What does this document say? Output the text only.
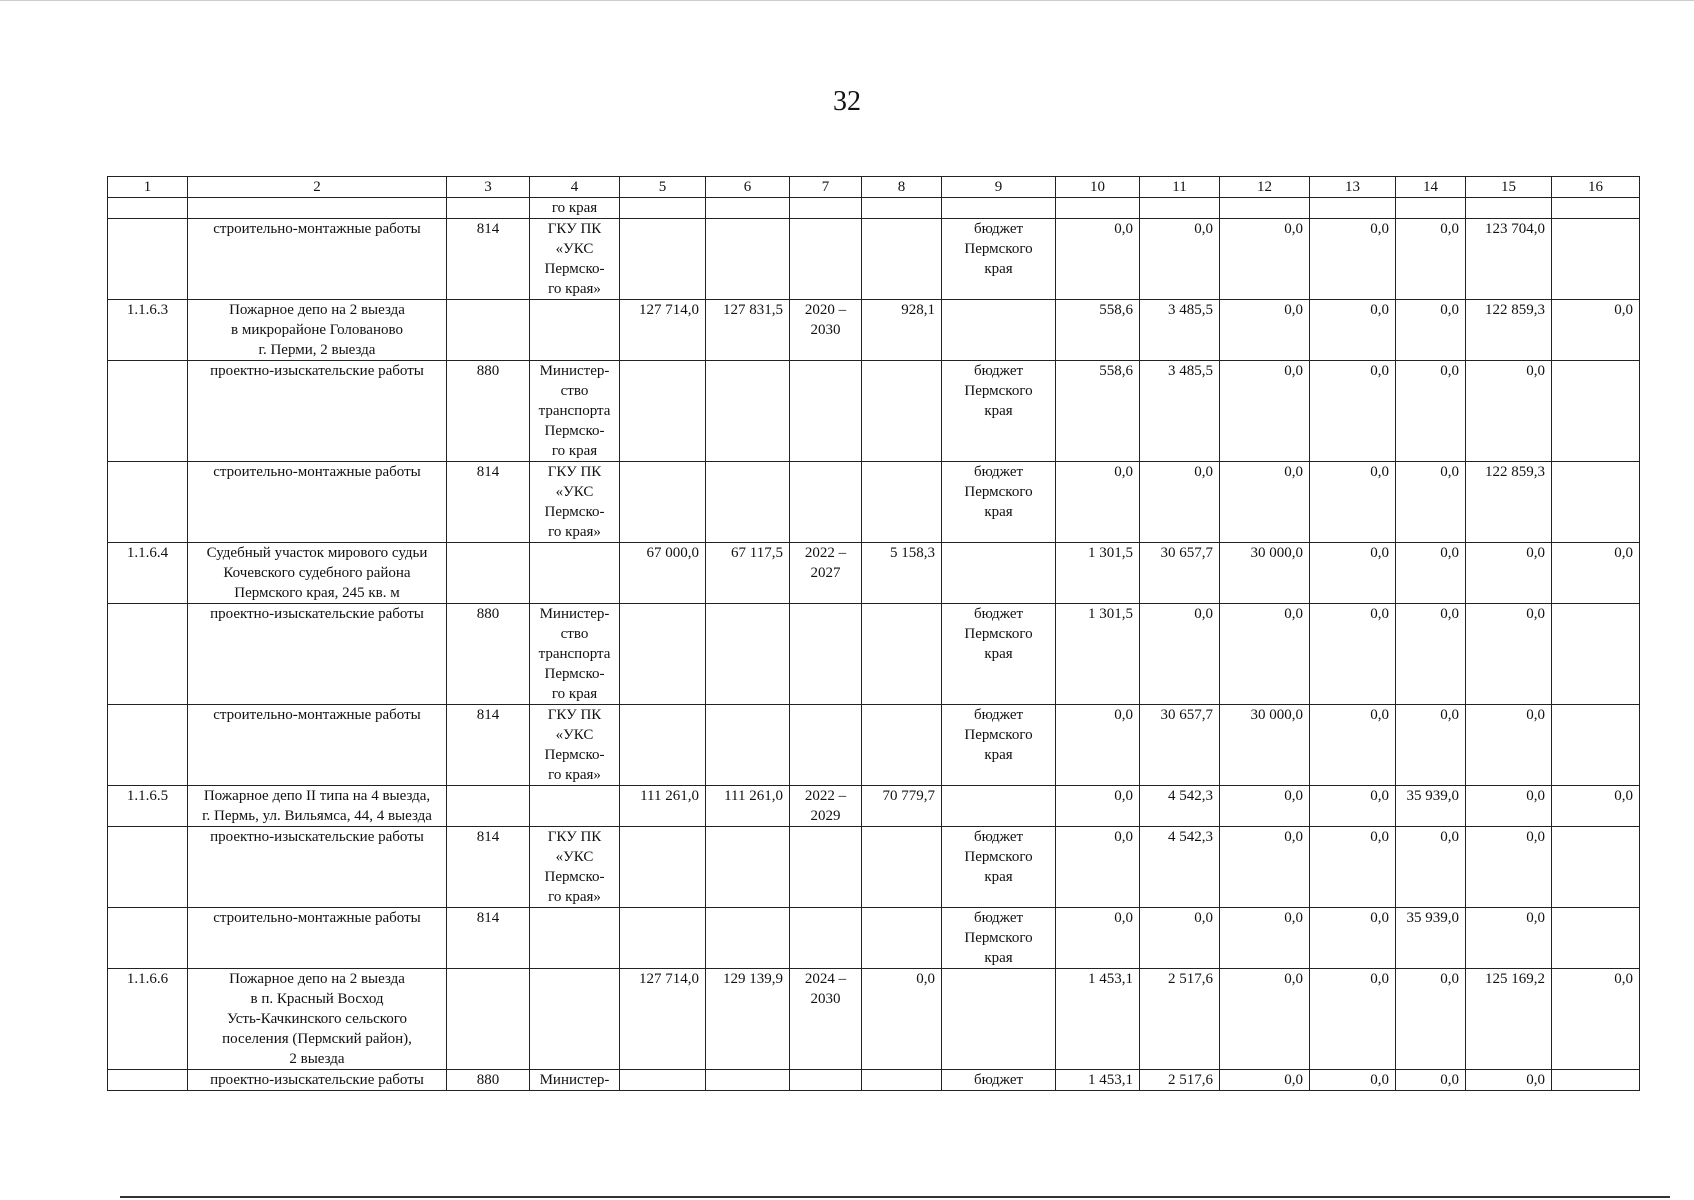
32
1	2	3	4	5	6	7	8	9	10	11	12	13	14	15	16
			го края												
	строительно-монтажные работы	814	ГКУ ПК
«УКС
Пермско-
го края»					бюджет
Пермского
края	0,0	0,0	0,0	0,0	0,0	123 704,0	
1.1.6.3	Пожарное депо на 2 выезда
в микрорайоне Голованово
г. Перми, 2 выезда			127 714,0	127 831,5	2020 –
2030	928,1		558,6	3 485,5	0,0	0,0	0,0	122 859,3	0,0
	проектно-изыскательские работы	880	Министер-
ство
транспорта
Пермско-
го края					бюджет
Пермского
края	558,6	3 485,5	0,0	0,0	0,0	0,0	
	строительно-монтажные работы	814	ГКУ ПК
«УКС
Пермско-
го края»					бюджет
Пермского
края	0,0	0,0	0,0	0,0	0,0	122 859,3	
1.1.6.4	Судебный участок мирового судьи
Кочевского судебного района
Пермского края, 245 кв. м			67 000,0	67 117,5	2022 –
2027	5 158,3		1 301,5	30 657,7	30 000,0	0,0	0,0	0,0	0,0
	проектно-изыскательские работы	880	Министер-
ство
транспорта
Пермско-
го края					бюджет
Пермского
края	1 301,5	0,0	0,0	0,0	0,0	0,0	
	строительно-монтажные работы	814	ГКУ ПК
«УКС
Пермско-
го края»					бюджет
Пермского
края	0,0	30 657,7	30 000,0	0,0	0,0	0,0	
1.1.6.5	Пожарное депо II типа на 4 выезда,
г. Пермь, ул. Вильямса, 44, 4 выезда			111 261,0	111 261,0	2022 –
2029	70 779,7		0,0	4 542,3	0,0	0,0	35 939,0	0,0	0,0
	проектно-изыскательские работы	814	ГКУ ПК
«УКС
Пермско-
го края»					бюджет
Пермского
края	0,0	4 542,3	0,0	0,0	0,0	0,0	
	строительно-монтажные работы	814						бюджет
Пермского
края	0,0	0,0	0,0	0,0	35 939,0	0,0	
1.1.6.6	Пожарное депо на 2 выезда
в п. Красный Восход
Усть-Качкинского сельского
поселения (Пермский район),
2 выезда			127 714,0	129 139,9	2024 –
2030	0,0		1 453,1	2 517,6	0,0	0,0	0,0	125 169,2	0,0
	проектно-изыскательские работы	880	Министер-					бюджет	1 453,1	2 517,6	0,0	0,0	0,0	0,0	
